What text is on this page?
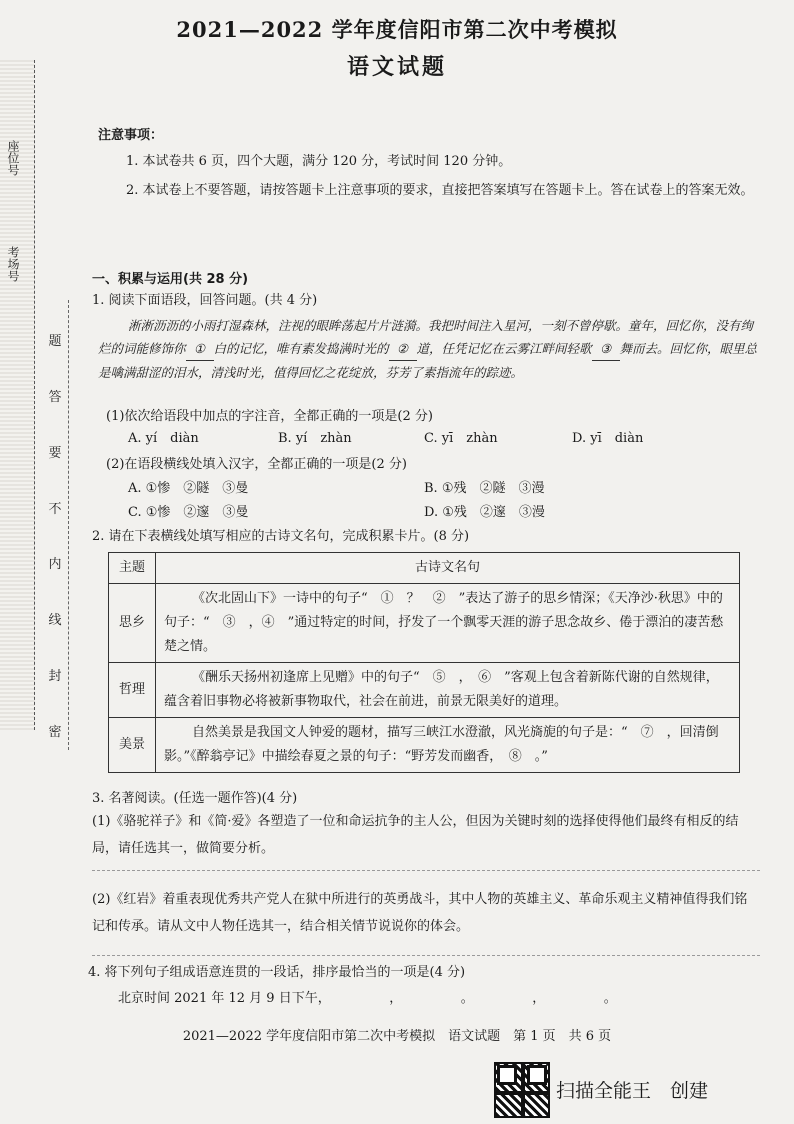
座位号
考场号
题
答
要
不
内
线
封
密
2021—2022 学年度信阳市第二次中考模拟
语文试题
注意事项：
1. 本试卷共 6 页，四个大题，满分 120 分，考试时间 120 分钟。
2. 本试卷上不要答题，请按答题卡上注意事项的要求，直接把答案填写在答题卡上。答在试卷上的答案无效。
一、积累与运用(共 28 分)
1. 阅读下面语段，回答问题。(共 4 分)
淅淅沥沥的小雨打湿森林，注视的眼眸荡起片片涟漪。我把时间注入星河，一刻不曾停歇。童年，回忆你，没有绚烂的词能修饰你 ① 白的记忆，唯有素发捣满时光的 ② 道，任凭记忆在云雾江畔间轻歌 ③ 舞而去。回忆你，眼里总是噙满甜涩的泪水，清浅时光，值得回忆之花绽放，芬芳了素指流年的踪迹。
(1)依次给语段中加点的字注音，全都正确的一项是(2 分)
A. yí　diàn	B. yí　zhàn	C. yī　zhàn	D. yī　diàn
(2)在语段横线处填入汉字，全都正确的一项是(2 分)
A. ①惨　②隧　③曼	B. ①残　②隧　③漫
C. ①惨　②邃　③曼	D. ①残　②邃　③漫
2. 请在下表横线处填写相应的古诗文名句，完成积累卡片。(8 分)
主题	古诗文名句
思乡	《次北固山下》一诗中的句子“　①　？　②　”表达了游子的思乡情深；《天净沙·秋思》中的句子：“　③　，④　”通过特定的时间，抒发了一个飘零天涯的游子思念故乡、倦于漂泊的凄苦愁楚之情。
哲理	《酬乐天扬州初逢席上见赠》中的句子“　⑤　，　⑥　”客观上包含着新陈代谢的自然规律，蕴含着旧事物必将被新事物取代，社会在前进，前景无限美好的道理。
美景	自然美景是我国文人钟爱的题材，描写三峡江水澄澈，风光旖旎的句子是：“　⑦　，回清倒影。”《醉翁亭记》中描绘春夏之景的句子：“野芳发而幽香，　⑧　。”
3. 名著阅读。(任选一题作答)(4 分)
(1)《骆驼祥子》和《简·爱》各塑造了一位和命运抗争的主人公，但因为关键时刻的选择使得他们最终有相反的结局，请任选其一，做简要分析。
(2)《红岩》着重表现优秀共产党人在狱中所进行的英勇战斗，其中人物的英雄主义、革命乐观主义精神值得我们铭记和传承。请从文中人物任选其一，结合相关情节说说你的体会。
4. 将下列句子组成语意连贯的一段话，排序最恰当的一项是(4 分)
北京时间 2021 年 12 月 9 日下午，　　　　　，　　　　　。　　　　　，　　　　　。
2021—2022 学年度信阳市第二次中考模拟　语文试题　第 1 页　共 6 页
扫描全能王　创建
